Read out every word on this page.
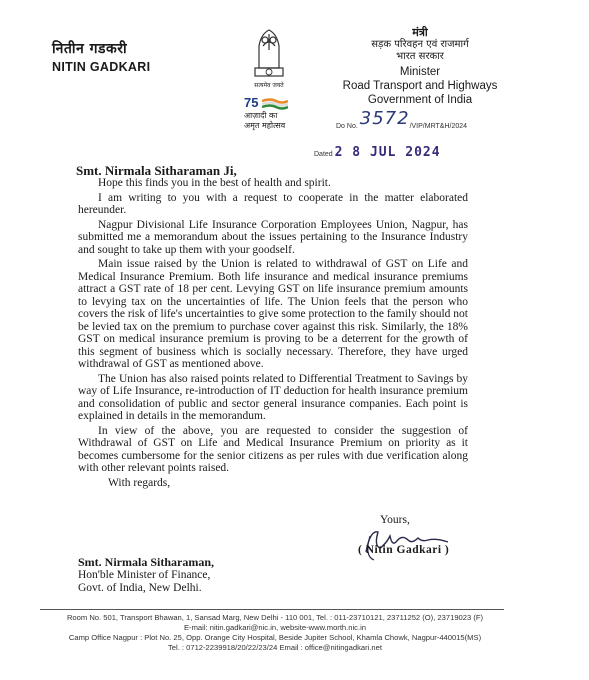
नितीन गडकरी
NITIN GADKARI
सत्यमेव जयते
75
आज़ादी का
अमृत महोत्सव
मंत्री
सड़क परिवहन एवं राजमार्ग
भारत सरकार
Minister
Road Transport and Highways
Government of India
Do No. 3572/VIP/MRT&H/2024
Dated 2 8 JUL 2024
Smt. Nirmala Sitharaman Ji,

Hope this finds you in the best of health and spirit.

I am writing to you with a request to cooperate in the matter elaborated hereunder.

Nagpur Divisional Life Insurance Corporation Employees Union, Nagpur, has submitted me a memorandum about the issues pertaining to the Insurance Industry and sought to take up them with your goodself.

Main issue raised by the Union is related to withdrawal of GST on Life and Medical Insurance Premium. Both life insurance and medical insurance premiums attract a GST rate of 18 per cent. Levying GST on life insurance premium amounts to levying tax on the uncertainties of life. The Union feels that the person who covers the risk of life's uncertainties to give some protection to the family should not be levied tax on the premium to purchase cover against this risk. Similarly, the 18% GST on medical insurance premium is proving to be a deterrent for the growth of this segment of business which is socially necessary. Therefore, they have urged withdrawal of GST as mentioned above.

The Union has also raised points related to Differential Treatment to Savings by way of Life Insurance, re-introduction of IT deduction for health insurance premium and consolidation of public and sector general insurance companies. Each point is explained in details in the memorandum.

In view of the above, you are requested to consider the suggestion of Withdrawal of GST on Life and Medical Insurance Premium on priority as it becomes cumbersome for the senior citizens as per rules with due verification along with other relevant points raised.

With regards,

Yours,
( Nitin Gadkari )
Smt. Nirmala Sitharaman,
Hon'ble Minister of Finance,
Govt. of India, New Delhi.
Room No. 501, Transport Bhawan, 1, Sansad Marg, New Delhi - 110 001, Tel. : 011-23710121, 23711252 (O), 23719023 (F)
E-mail: nitin.gadkari@nic.in, website-www.morth.nic.in
Camp Office Nagpur : Plot No. 25, Opp. Orange City Hospital, Beside Jupiter School, Khamla Chowk, Nagpur-440015(MS)
Tel. : 0712-2239918/20/22/23/24 Email : office@nitingadkari.net
